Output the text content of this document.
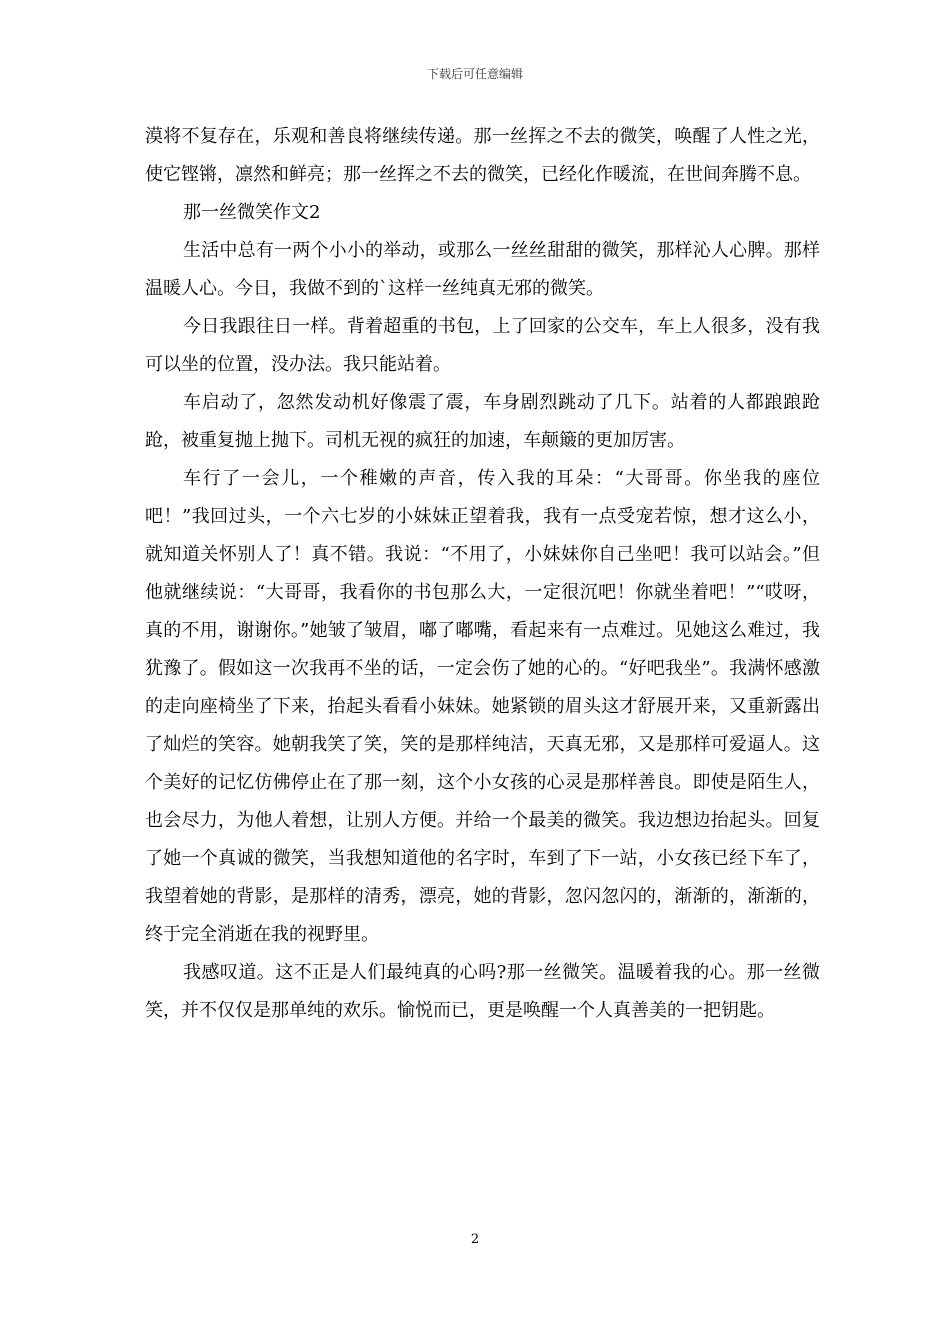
下载后可任意编辑

漠将不复存在，乐观和善良将继续传递。那一丝挥之不去的微笑，唤醒了人性之光，使它铿锵，凛然和鲜亮；那一丝挥之不去的微笑，已经化作暖流，在世间奔腾不息。

那一丝微笑作文2

生活中总有一两个小小的举动，或那么一丝丝甜甜的微笑，那样沁人心脾。那样温暖人心。今日，我做不到的`这样一丝纯真无邪的微笑。

今日我跟往日一样。背着超重的书包，上了回家的公交车，车上人很多，没有我可以坐的位置，没办法。我只能站着。

车启动了，忽然发动机好像震了震，车身剧烈跳动了几下。站着的人都踉踉跄跄，被重复抛上抛下。司机无视的疯狂的加速，车颠簸的更加厉害。

车行了一会儿，一个稚嫩的声音，传入我的耳朵：“大哥哥。你坐我的座位吧！”我回过头，一个六七岁的小妹妹正望着我，我有一点受宠若惊，想才这么小，就知道关怀别人了！真不错。我说：“不用了，小妹妹你自己坐吧！我可以站会。”但他就继续说：“大哥哥，我看你的书包那么大，一定很沉吧！你就坐着吧！”“哎呀，真的不用，谢谢你。”她皱了皱眉，嘟了嘟嘴，看起来有一点难过。见她这么难过，我犹豫了。假如这一次我再不坐的话，一定会伤了她的心的。“好吧我坐”。我满怀感激的走向座椅坐了下来，抬起头看看小妹妹。她紧锁的眉头这才舒展开来，又重新露出了灿烂的笑容。她朝我笑了笑，笑的是那样纯洁，天真无邪，又是那样可爱逼人。这个美好的记忆仿佛停止在了那一刻，这个小女孩的心灵是那样善良。即使是陌生人，也会尽力，为他人着想，让别人方便。并给一个最美的微笑。我边想边抬起头。回复了她一个真诚的微笑，当我想知道他的名字时，车到了下一站，小女孩已经下车了，我望着她的背影，是那样的清秀，漂亮，她的背影，忽闪忽闪的，渐渐的，渐渐的，终于完全消逝在我的视野里。

我感叹道。这不正是人们最纯真的心吗?那一丝微笑。温暖着我的心。那一丝微笑，并不仅仅是那单纯的欢乐。愉悦而已，更是唤醒一个人真善美的一把钥匙。

2
